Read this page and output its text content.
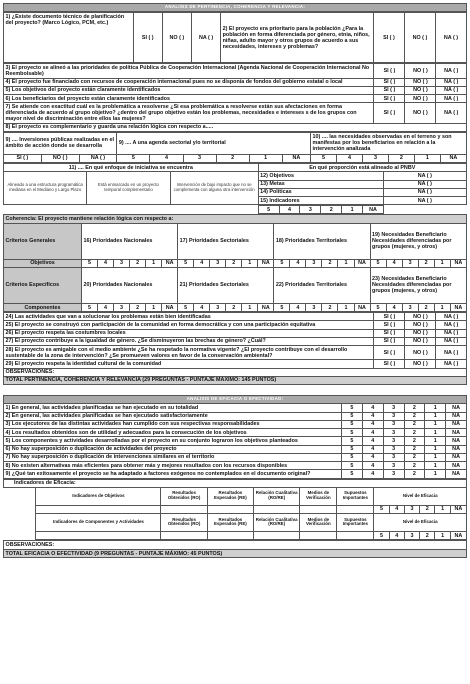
ANALISIS DE PERTINENCIA, COHERENCIA Y RELEVANCIA:
1) ¿Existe documento técnico de planificación del proyecto? (Marco Lógico, PCM, etc.)	SI ( )	NO ( )	NA ( )	2) El proyecto era prioritario para la población ¿Para la población en forma diferenciada por género, etnia, niños, niñas, adulto mayor y otros grupos de acuerdo a sus necesidades, intereses y problemas?	SI ( )	NO ( )	NA ( )
3) El proyecto se alineó a las prioridades de política Pública de Cooperación Internacional (Agenda Nacional de Cooperación Internacional No Reembolsable)	SI ( )	NO ( )	NA ( )
4) El proyecto fue financiado con recursos de cooperación internacional pues no se disponía de fondos del gobierno estatal o local	SI ( )	NO ( )	NA ( )
5) Los objetivos del proyecto están claramente identificados	SI ( )	NO ( )	NA ( )
6) Los beneficiarios del proyecto están claramente identificados	SI ( )	NO ( )	NA ( )
7) Se atiende con exactitud cuál es la problemática a resolverse ¿Si esa problemática a resolverse están sus afectaciones en forma diferenciada de acuerdo al grupo objetivo? ¿dentro del grupo objetivo están los problemas, necesidades e intereses s de los grupos con mayor nivel de discriminación entre ellos las mujeres?	SI ( )	NO ( )	NA ( )
8) El proyecto es complementario y guarda una relación lógica con respecto a.....			
9) .... Inversiones públicas realizadas en el ámbito de acción donde se desarrolla			9) .... A una agenda sectorial y/o territorial						10) .... las necesidades observadas en el terreno y son manifestas por los beneficiarios en relación a la intervención analizada					
SI ( )	NO ( )	NA ( )	5	4	3	2	1	NA	5	4	3	2	1	NA
11) .... En qué enfoque de iniciativa se encuentra			En qué proporción está alineado al PNBV	
Alineado a una estructura programática mediana en el Mediano y Largo Plazo	Está enmarcado en un proyecto temporal complementario	Intervención de bajo impacto que no se complementa con alguna otra intervención	12) Objetivos	NA ( )
			13) Metas	NA ( )
			14) Políticas	NA ( )
			15) Indicadores	NA ( )
	5	4	3	2	1	NA	
Coherencia: El proyecto mantiene relación lógica con respecto a:																								
Criterios Generales	16) Prioridades Nacionales						17) Prioridades Sectoriales						18) Prioridades Territoriales						19) Necesidades Beneficiario Necesidades diferenciadas por grupos (mujeres, y otros)					
Objetivos	5	4	3	2	1	NA	5	4	3	2	1	NA	5	4	3	2	1	NA	5	4	3	2	1	NA
Criterios Específicos	20) Prioridades Nacionales						21) Prioridades Sectoriales						22) Prioridades Territoriales						23) Necesidades Beneficiario Necesidades diferenciadas por grupos (mujeres, y otros)					
Componentes	5	4	3	2	1	NA	5	4	3	2	1	NA	5	4	3	2	1	NA	5	4	3	2	1	NA
24) Las actividades que van a solucionar los problemas están bien identificadas	SI ( )	NO ( )	NA ( )
25) El proyecto se construyó con participación de la comunidad en forma democrática y con una participación equitativa	SI ( )	NO ( )	NA ( )
26) El proyecto respeta las costumbres locales	SI ( )	NO ( )	NA ( )
27) El proyecto contribuye a la igualdad de género. ¿Se disminuyeron las brechas de género? ¿Cuál?	SI ( )	NO ( )	NA ( )
28) El proyecto es amigable con el medio ambiente ¿Se ha respetado la normativa vigente? ¿El proyecto contribuye con el desarrollo sustentable de la zona de intervención? ¿Se promueven valores en favor de la conservación ambiental?	SI ( )	NO ( )	NA ( )
29) El proyecto respeta la identidad cultural de la comunidad	SI ( )	NO ( )	NA ( )
OBSERVACIONES:			
TOTAL PERTINENCIA, COHERENCIA Y RELEVANCIA (29 PREGUNTAS - PUNTAJE MÁXIMO: 145 PUNTOS)			
ANALISIS DE EFICACIA O EFECTIVIDAD:						
1) En general, las actividades planificadas se han ejecutado en su totalidad	5	4	3	2	1	NA
2) En general, las actividades planificadas se han ejecutado satisfactoriamente	5	4	3	2	1	NA
3) Los ejecutores de las distintas actividades han cumplido con sus respectivas responsabilidades	5	4	3	2	1	NA
4) Los resultados obtenidos son de utilidad y adecuados para la consecución de los objetivos	5	4	3	2	1	NA
5) Los componentes y actividades desarrolladas por el proyecto en su conjunto lograron los objetivos planteados	5	4	3	2	1	NA
6) No hay superposición o duplicación de actividades del proyecto	5	4	3	2	1	NA
7) No hay superposición o duplicación de intervenciones similares en el territorio	5	4	3	2	1	NA
8) No existen alternativas más eficientes para obtener más y mejores resultados con los recursos disponibles	5	4	3	2	1	NA
9) ¿Qué tan exitosamente el proyecto se ha adaptado a factores exógenos no contemplados en el documento original?	5	4	3	2	1	NA
Indicadores de Eficacia:												
	Indicadores de Objetivos	Resultados Obtenidos (RO)	Resultados Esperados (RE)	Relación Cualitativa (RO/RE)	Medios de Verificación	Supuestos Importantes	Nivel de Eficacia					
							5	4	3	2	1	NA
	Indicadores de Componentes y Actividades	Resultados Obtenidos (RO)	Resultados Esperados (RE)	Relación Cualitativa (RO/RE)	Medios de Verificación	Supuestos Importantes	Nivel de Eficacia					
							5	4	3	2	1	NA
OBSERVACIONES:
TOTAL EFICACIA O EFECTIVIDAD (9 PREGUNTAS - PUNTAJE MÁXIMO: 45 PUNTOS)
